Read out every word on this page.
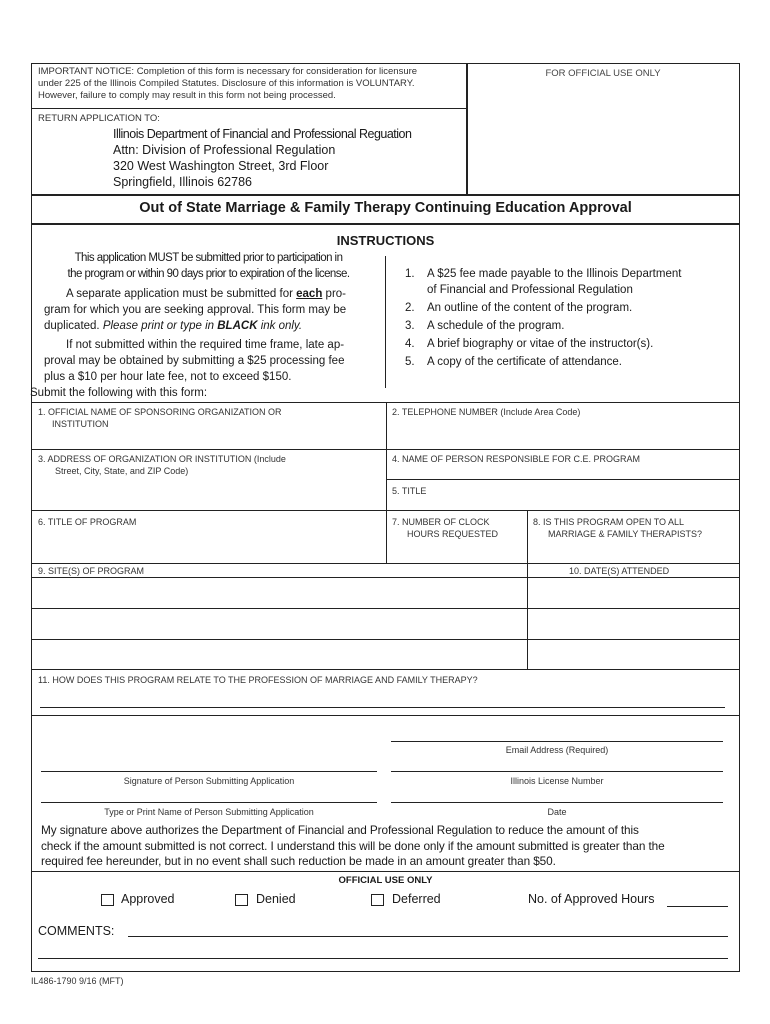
IMPORTANT NOTICE: Completion of this form is necessary for consideration for licensure
under 225 of the Illinois Compiled Statutes. Disclosure of this information is VOLUNTARY.
However, failure to comply may result in this form not being processed.
FOR OFFICIAL USE ONLY
RETURN APPLICATION TO:
Illinois Department of Financial and Professional Reguation
Attn: Division of Professional Regulation
320 West Washington Street, 3rd Floor
Springfield, Illinois 62786
Out of State Marriage & Family Therapy Continuing Education Approval
INSTRUCTIONS
This application MUST be submitted prior to participation in
the program or within 90 days prior to expiration of the license.
A separate application must be submitted for each pro-
gram for which you are seeking approval. This form may be
duplicated. Please print or type in BLACK ink only.
If not submitted within the required time frame, late ap-
proval may be obtained by submitting a $25 processing fee
plus a $10 per hour late fee, not to exceed $150.
Submit the following with this form:
1. A $25 fee made payable to the Illinois Department
of Financial and Professional Regulation
2. An outline of the content of the program.
3. A schedule of the program.
4. A brief biography or vitae of the instructor(s).
5. A copy of the certificate of attendance.
1. OFFICIAL NAME OF SPONSORING ORGANIZATION OR
INSTITUTION
2. TELEPHONE NUMBER (Include Area Code)
3. ADDRESS OF ORGANIZATION OR INSTITUTION (Include
Street, City, State, and ZIP Code)
4. NAME OF PERSON RESPONSIBLE FOR C.E. PROGRAM
5. TITLE
6. TITLE OF PROGRAM	7. NUMBER OF CLOCK
HOURS REQUESTED
8. IS THIS PROGRAM OPEN TO ALL
MARRIAGE & FAMILY THERAPISTS?
9. SITE(S) OF PROGRAM	10. DATE(S) ATTENDED
11. HOW DOES THIS PROGRAM RELATE TO THE PROFESSION OF MARRIAGE AND FAMILY THERAPY?
Email Address (Required)
Signature of Person Submitting Application	Illinois License Number
Type or Print Name of Person Submitting Application	Date
My signature above authorizes the Department of Financial and Professional Regulation to reduce the amount of this
check if the amount submitted is not correct. I understand this will be done only if the amount submitted is greater than the
required fee hereunder, but in no event shall such reduction be made in an amount greater than $50.
OFFICIAL USE ONLY
Approved	Denied	Deferred	No. of Approved Hours
COMMENTS:
IL486-1790 9/16 (MFT)
